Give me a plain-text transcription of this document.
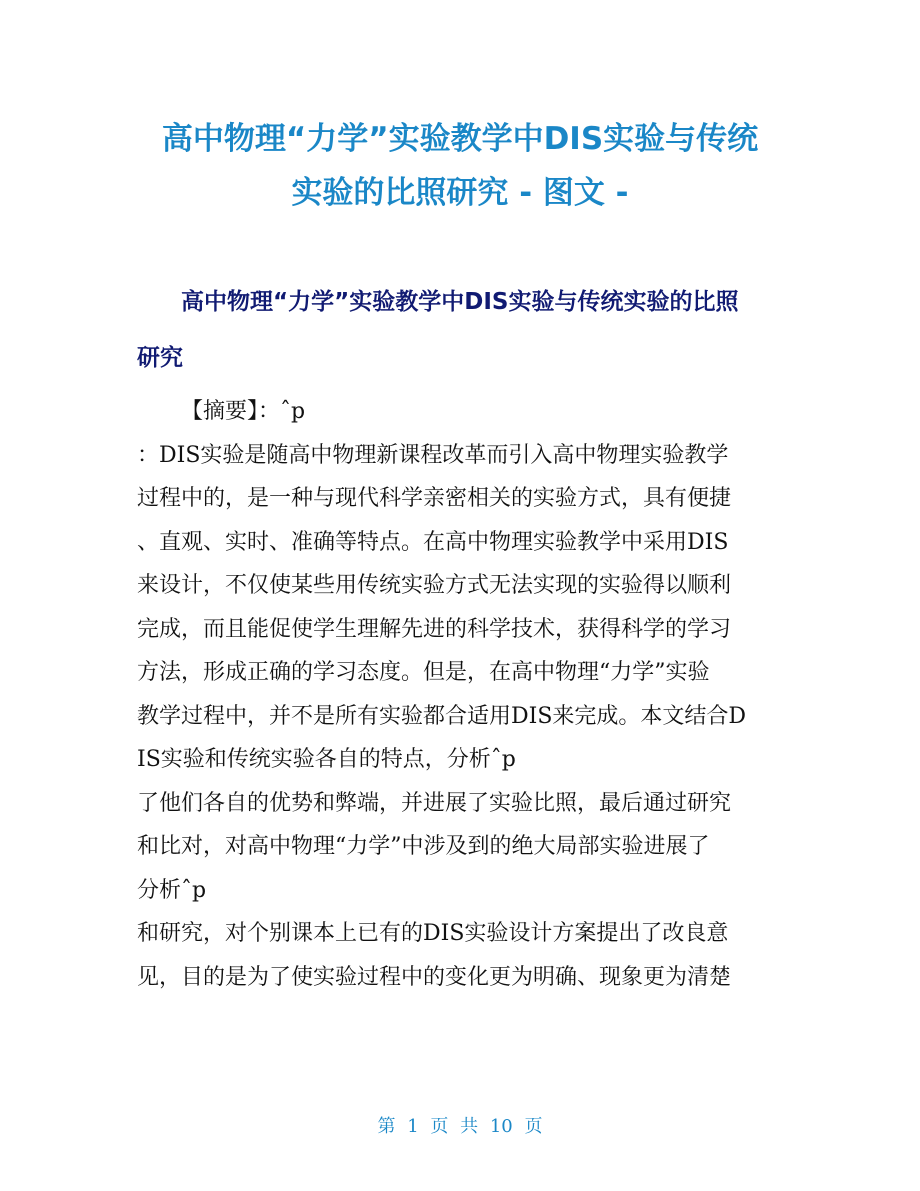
高中物理“力学”实验教学中DIS实验与传统
实验的比照研究 - 图文 -
高中物理“力学”实验教学中DIS实验与传统实验的比照
研究
【摘要】：ˆp
：DIS实验是随高中物理新课程改革而引入高中物理实验教学
过程中的，是一种与现代科学亲密相关的实验方式，具有便捷
、直观、实时、准确等特点。在高中物理实验教学中采用DIS
来设计，不仅使某些用传统实验方式无法实现的实验得以顺利
完成，而且能促使学生理解先进的科学技术，获得科学的学习
方法，形成正确的学习态度。但是，在高中物理“力学”实验
教学过程中，并不是所有实验都合适用DIS来完成。本文结合D
IS实验和传统实验各自的特点，分析ˆp
了他们各自的优势和弊端，并进展了实验比照，最后通过研究
和比对，对高中物理“力学”中涉及到的绝大局部实验进展了
分析ˆp
和研究，对个别课本上已有的DIS实验设计方案提出了改良意
见，目的是为了使实验过程中的变化更为明确、现象更为清楚
第 1 页 共 10 页
